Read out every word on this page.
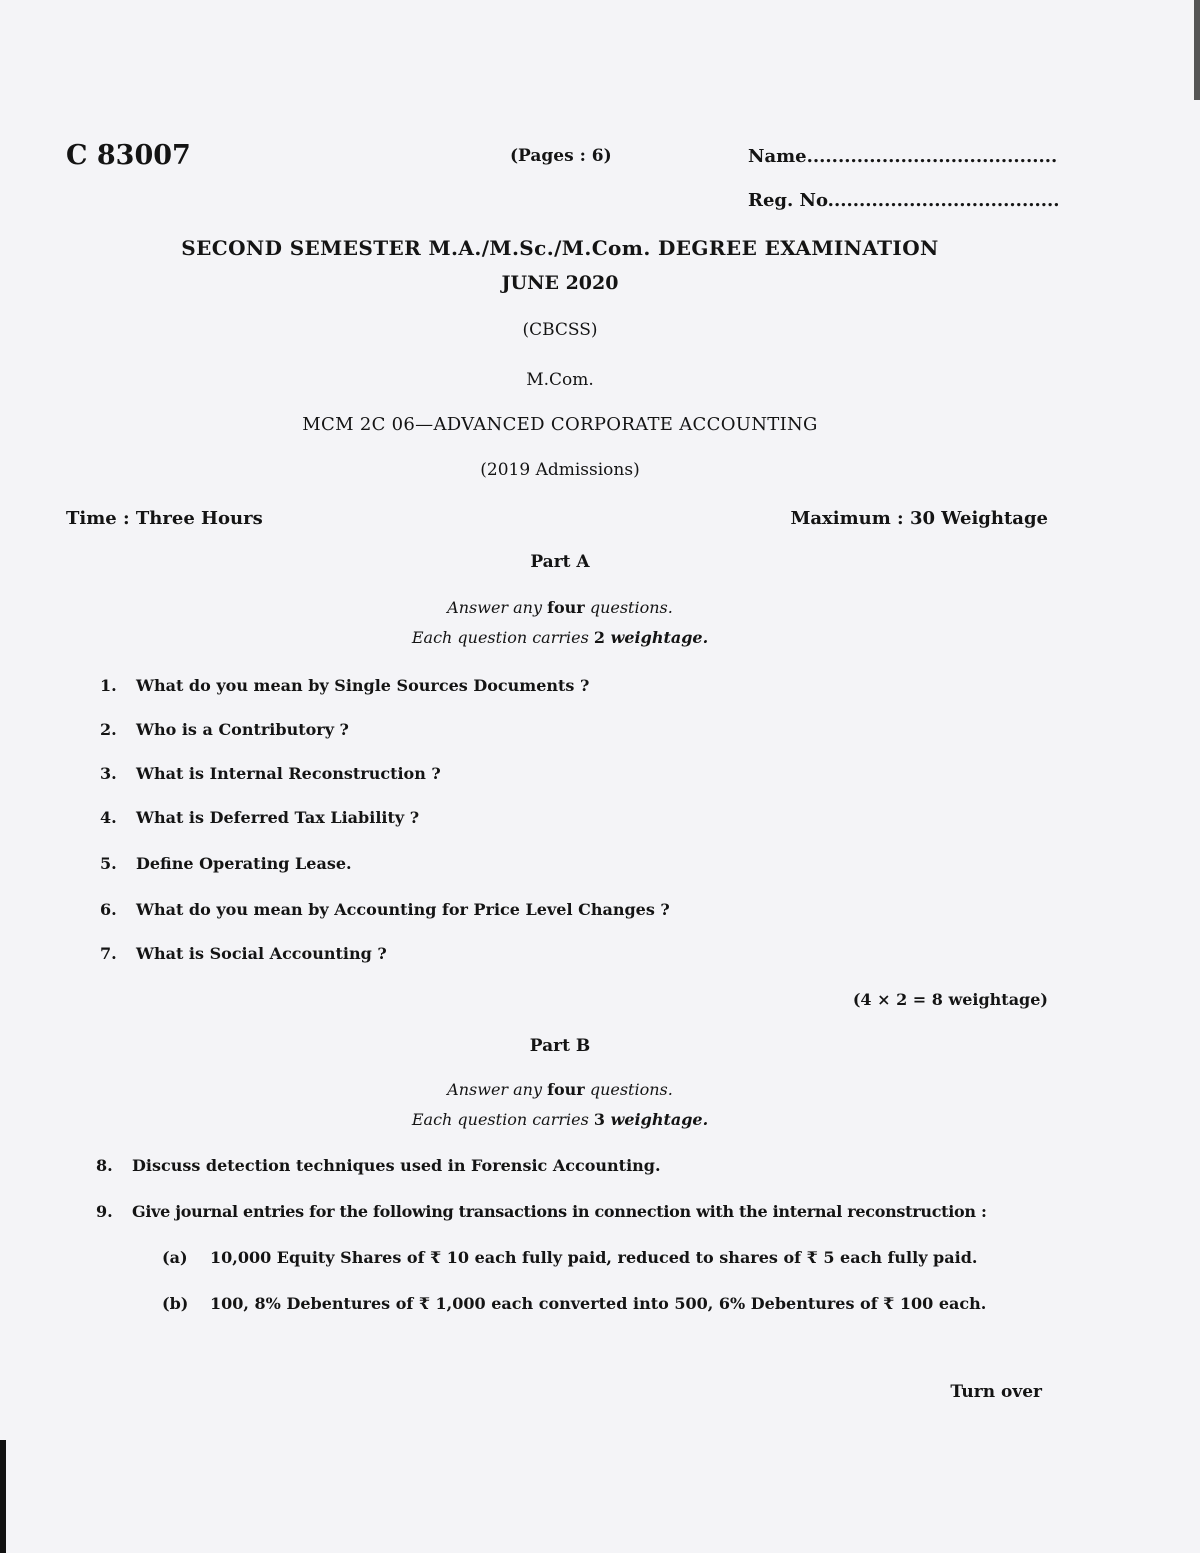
C 83007	(Pages : 6)	Name........................................
Reg. No.....................................
SECOND SEMESTER M.A./M.Sc./M.Com. DEGREE EXAMINATION
JUNE 2020
(CBCSS)
M.Com.
MCM 2C 06—ADVANCED CORPORATE ACCOUNTING
(2019 Admissions)
Time : Three Hours	Maximum : 30 Weightage
Part A
Answer any four questions.
Each question carries 2 weightage.
1. What do you mean by Single Sources Documents ?
2. Who is a Contributory ?
3. What is Internal Reconstruction ?
4. What is Deferred Tax Liability ?
5. Define Operating Lease.
6. What do you mean by Accounting for Price Level Changes ?
7. What is Social Accounting ?
(4 × 2 = 8 weightage)
Part B
Answer any four questions.
Each question carries 3 weightage.
8. Discuss detection techniques used in Forensic Accounting.
9. Give journal entries for the following transactions in connection with the internal reconstruction :
(a) 10,000 Equity Shares of ₹ 10 each fully paid, reduced to shares of ₹ 5 each fully paid.
(b) 100, 8% Debentures of ₹ 1,000 each converted into 500, 6% Debentures of ₹ 100 each.
Turn over
